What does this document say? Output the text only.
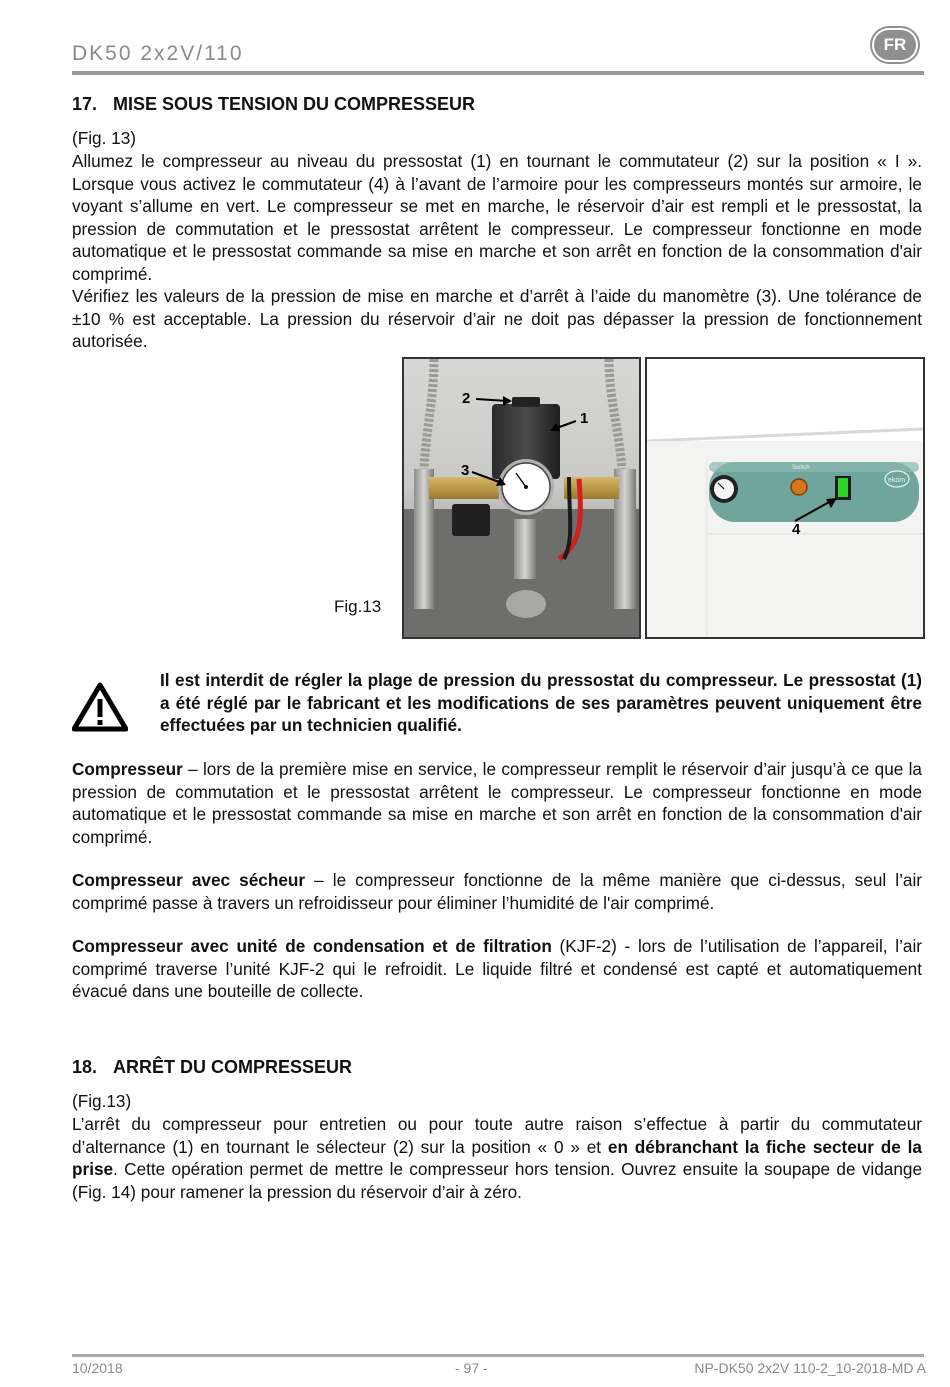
DK50 2x2V/110	FR
17. MISE SOUS TENSION DU COMPRESSEUR

(Fig. 13)

Allumez le compresseur au niveau du pressostat (1) en tournant le commutateur (2) sur la position « I ». Lorsque vous activez le commutateur (4) à l’avant de l’armoire pour les compresseurs montés sur armoire, le voyant s’allume en vert. Le compresseur se met en marche, le réservoir d’air est rempli et le pressostat, la pression de commutation et le pressostat arrêtent le compresseur. Le compresseur fonctionne en mode automatique et le pressostat commande sa mise en marche et son arrêt en fonction de la consommation d'air comprimé.

Vérifiez les valeurs de la pression de mise en marche et d’arrêt à l’aide du manomètre (3). Une tolérance de ±10 % est acceptable. La pression du réservoir d’air ne doit pas dépasser la pression de fonctionnement autorisée.

Fig.13
2
1
3	Switch
ekom
4

Il est interdit de régler la plage de pression du pressostat du compresseur. Le pressostat (1) a été réglé par le fabricant et les modifications de ses paramètres peuvent uniquement être effectuées par un technicien qualifié.

Compresseur – lors de la première mise en service, le compresseur remplit le réservoir d’air jusqu’à ce que la pression de commutation et le pressostat arrêtent le compresseur. Le compresseur fonctionne en mode automatique et le pressostat commande sa mise en marche et son arrêt en fonction de la consommation d'air comprimé.

Compresseur avec sécheur – le compresseur fonctionne de la même manière que ci-dessus, seul l’air comprimé passe à travers un refroidisseur pour éliminer l’humidité de l'air comprimé.

Compresseur avec unité de condensation et de filtration (KJF-2) - lors de l’utilisation de l’appareil, l’air comprimé traverse l’unité KJF-2 qui le refroidit. Le liquide filtré et condensé est capté et automatiquement évacué dans une bouteille de collecte.

18. ARRÊT DU COMPRESSEUR

(Fig.13)

L’arrêt du compresseur pour entretien ou pour toute autre raison s’effectue à partir du commutateur d’alternance (1) en tournant le sélecteur (2) sur la position « 0 » et en débranchant la fiche secteur de la prise. Cette opération permet de mettre le compresseur hors tension. Ouvrez ensuite la soupape de vidange (Fig. 14) pour ramener la pression du réservoir d’air à zéro.

10/2018	- 97 -	NP-DK50 2x2V 110-2_10-2018-MD A
